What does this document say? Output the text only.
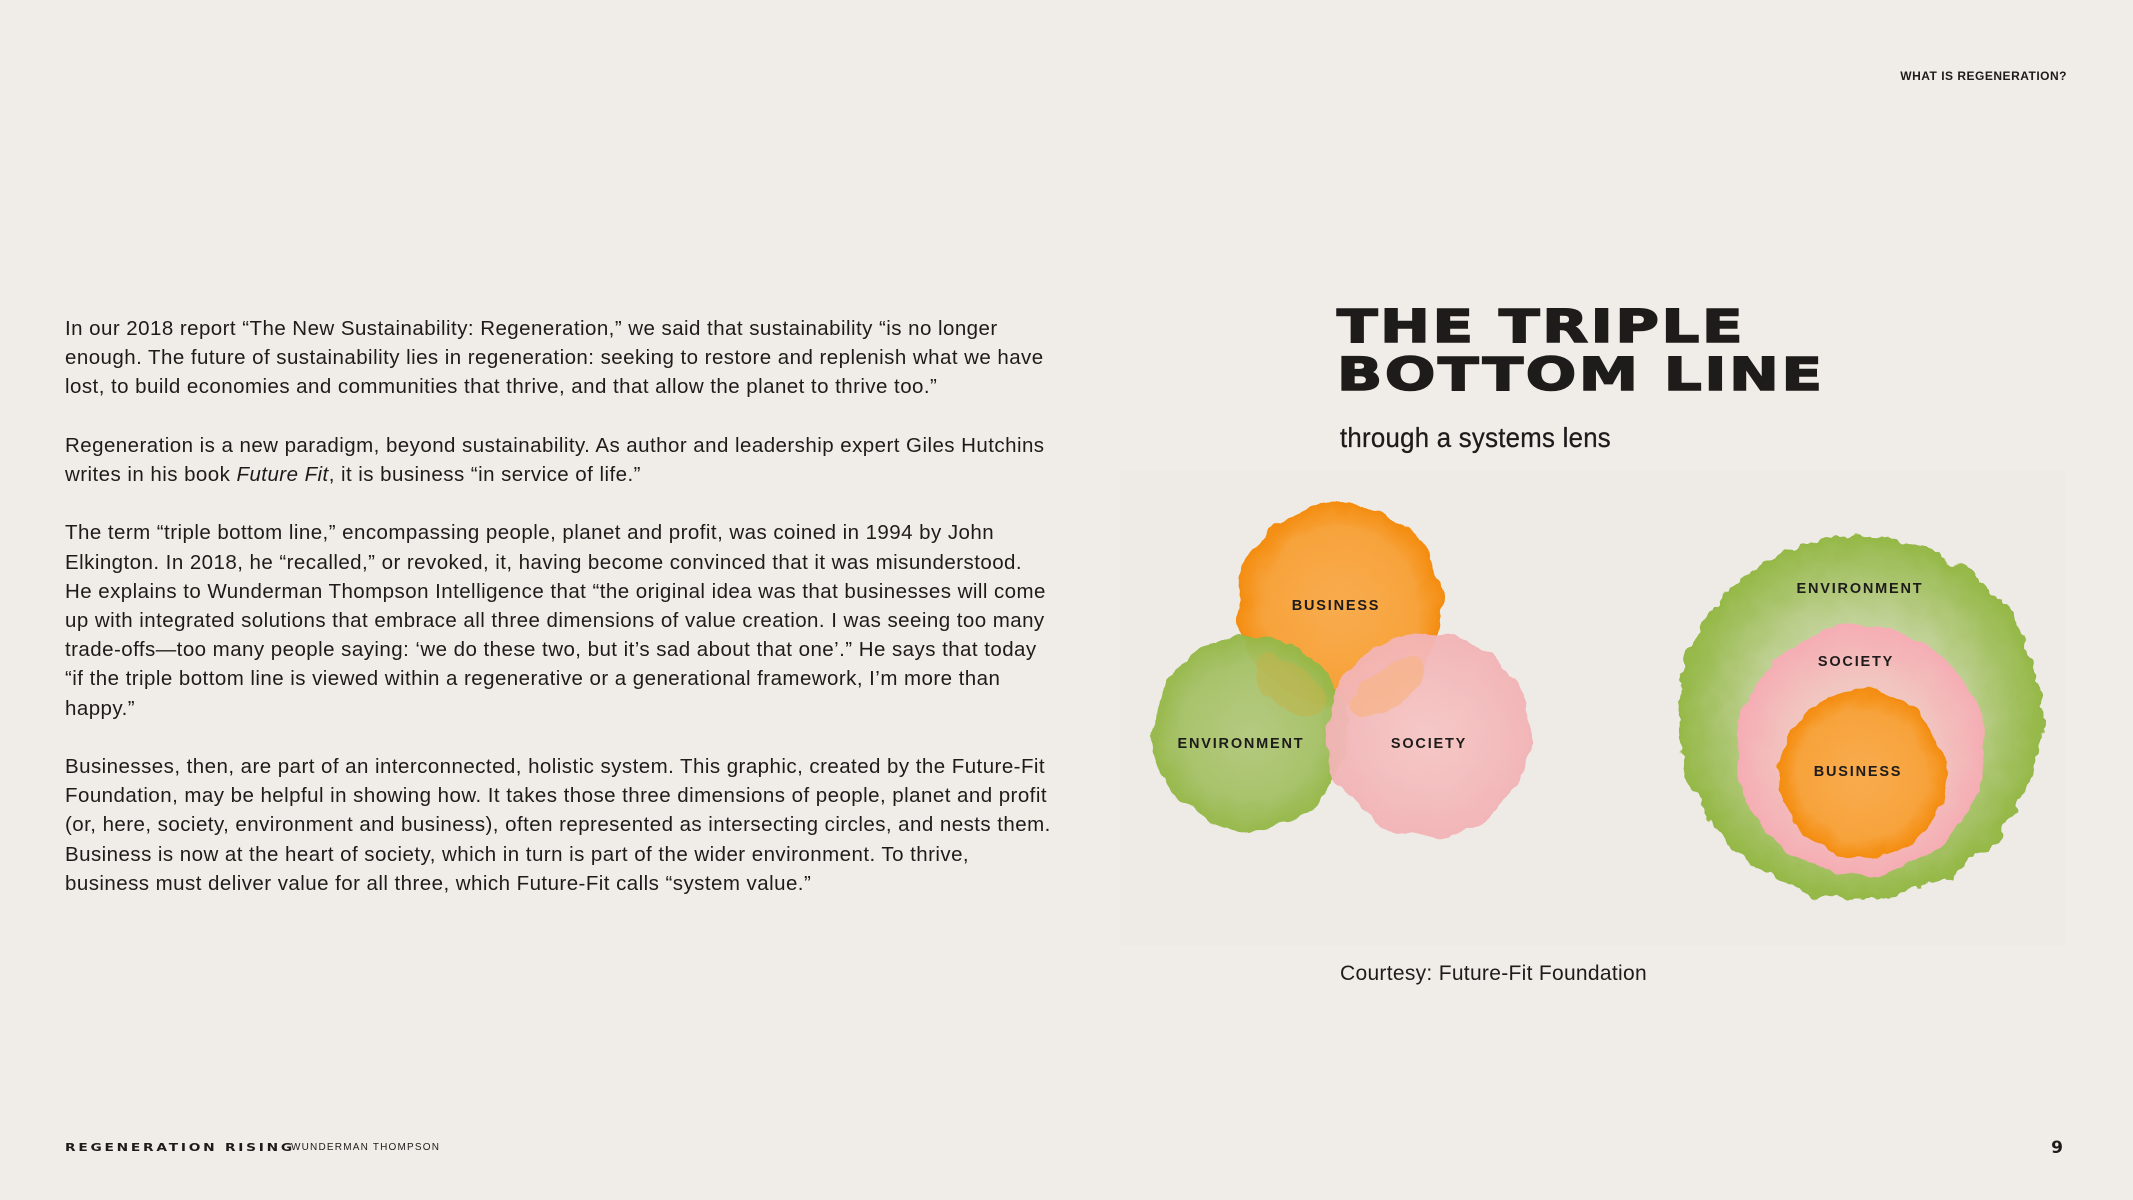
WHAT IS REGENERATION?

In our 2018 report “The New Sustainability: Regeneration,” we said that sustainability “is no longer enough. The future of sustainability lies in regeneration: seeking to restore and replenish what we have lost, to build economies and communities that thrive, and that allow the planet to thrive too.”

Regeneration is a new paradigm, beyond sustainability. As author and leadership expert Giles Hutchins writes in his book Future Fit, it is business “in service of life.”

The term “triple bottom line,” encompassing people, planet and profit, was coined in 1994 by John Elkington. In 2018, he “recalled,” or revoked, it, having become convinced that it was misunderstood. He explains to Wunderman Thompson Intelligence that “the original idea was that businesses will come up with integrated solutions that embrace all three dimensions of value creation. I was seeing too many trade-offs—too many people saying: ‘we do these two, but it’s sad about that one’.” He says that today “if the triple bottom line is viewed within a regenerative or a generational framework, I’m more than happy.”

Businesses, then, are part of an interconnected, holistic system. This graphic, created by the Future-Fit Foundation, may be helpful in showing how. It takes those three dimensions of people, planet and profit (or, here, society, environment and business), often represented as intersecting circles, and nests them. Business is now at the heart of society, which in turn is part of the wider environment. To thrive, business must deliver value for all three, which Future-Fit calls “system value.”

THE TRIPLE
BOTTOM LINE
through a systems lens
BUSINESS
ENVIRONMENT	SOCIETY
ENVIRONMENT
SOCIETY
BUSINESS
Courtesy: Future-Fit Foundation
REGENERATION RISING
WUNDERMAN THOMPSON	9
